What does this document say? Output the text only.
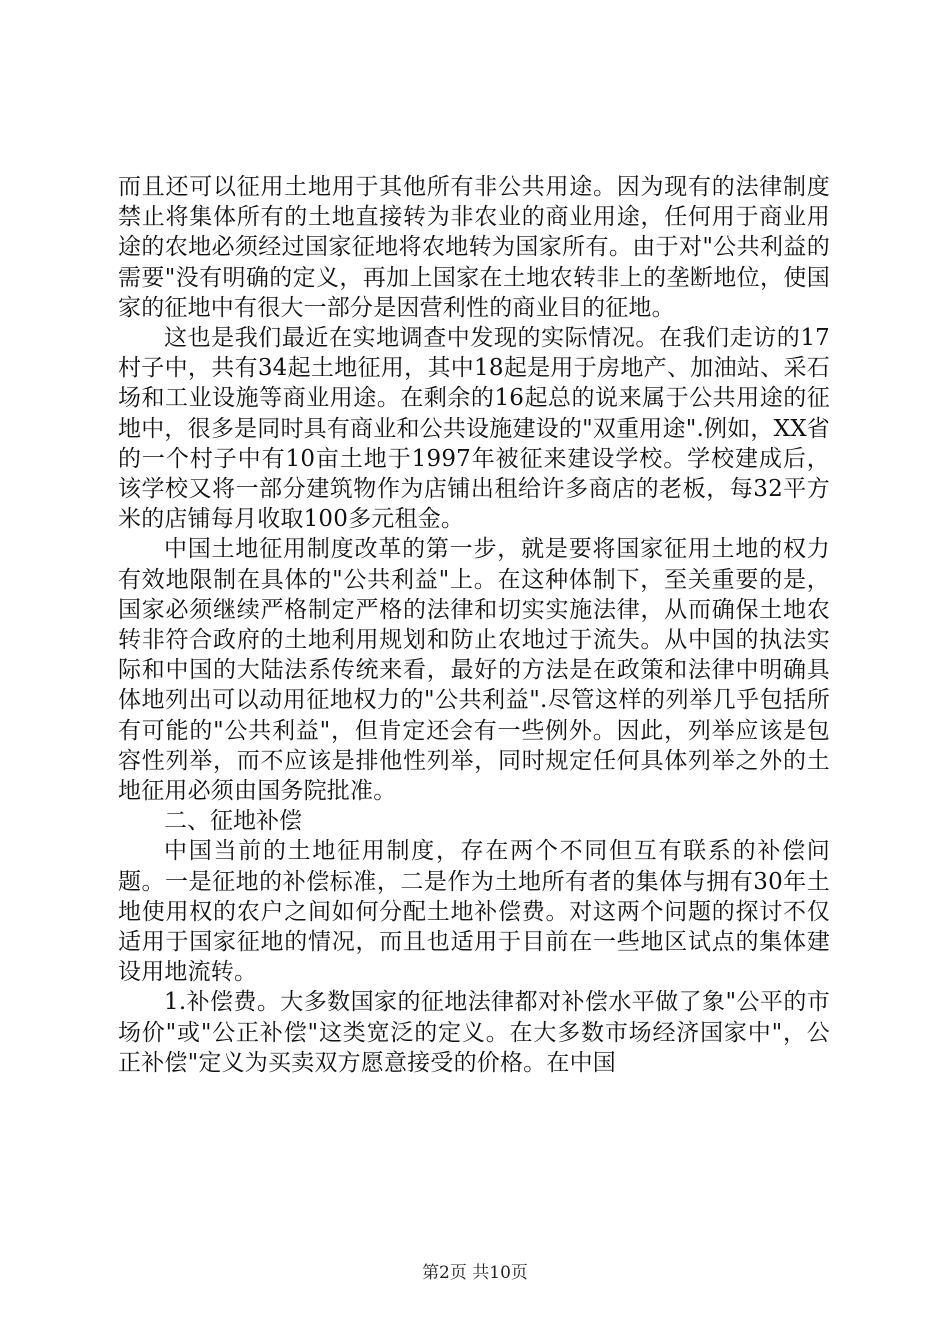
而且还可以征用土地用于其他所有非公共用途。因为现有的法律制度禁止将集体所有的土地直接转为非农业的商业用途，任何用于商业用途的农地必须经过国家征地将农地转为国家所有。由于对"公共利益的需要"没有明确的定义，再加上国家在土地农转非上的垄断地位，使国家的征地中有很大一部分是因营利性的商业目的征地。

这也是我们最近在实地调查中发现的实际情况。在我们走访的17村子中，共有34起土地征用，其中18起是用于房地产、加油站、采石场和工业设施等商业用途。在剩余的16起总的说来属于公共用途的征地中，很多是同时具有商业和公共设施建设的"双重用途".例如，XX省的一个村子中有10亩土地于1997年被征来建设学校。学校建成后，该学校又将一部分建筑物作为店铺出租给许多商店的老板，每32平方米的店铺每月收取100多元租金。

中国土地征用制度改革的第一步，就是要将国家征用土地的权力有效地限制在具体的"公共利益"上。在这种体制下，至关重要的是，国家必须继续严格制定严格的法律和切实实施法律，从而确保土地农转非符合政府的土地利用规划和防止农地过于流失。从中国的执法实际和中国的大陆法系传统来看，最好的方法是在政策和法律中明确具体地列出可以动用征地权力的"公共利益".尽管这样的列举几乎包括所有可能的"公共利益"，但肯定还会有一些例外。因此，列举应该是包容性列举，而不应该是排他性列举，同时规定任何具体列举之外的土地征用必须由国务院批准。

二、征地补偿

中国当前的土地征用制度，存在两个不同但互有联系的补偿问题。一是征地的补偿标准，二是作为土地所有者的集体与拥有30年土地使用权的农户之间如何分配土地补偿费。对这两个问题的探讨不仅适用于国家征地的情况，而且也适用于目前在一些地区试点的集体建设用地流转。

1.补偿费。大多数国家的征地法律都对补偿水平做了象"公平的市场价"或"公正补偿"这类宽泛的定义。在大多数市场经济国家中"，公正补偿"定义为买卖双方愿意接受的价格。在中国

第2页 共10页
